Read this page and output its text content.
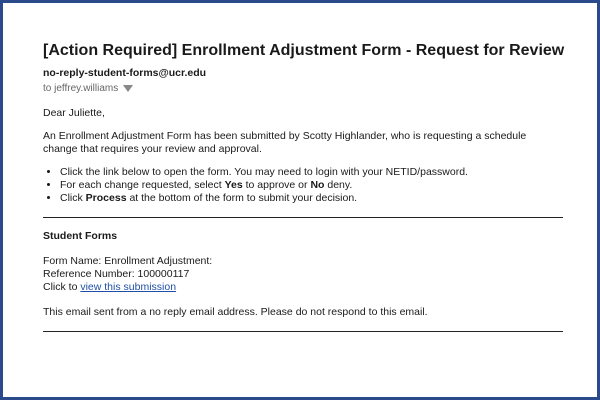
[Action Required] Enrollment Adjustment Form - Request for Review
no-reply-student-forms@ucr.edu
to jeffrey.williams
Dear Juliette,
An Enrollment Adjustment Form has been submitted by Scotty Highlander, who is requesting a schedule change that requires your review and approval.
• Click the link below to open the form. You may need to login with your NETID/password.
• For each change requested, select Yes to approve or No deny.
• Click Process at the bottom of the form to submit your decision.
Student Forms
Form Name: Enrollment Adjustment:
Reference Number: 100000117
Click to view this submission
This email sent from a no reply email address. Please do not respond to this email.
